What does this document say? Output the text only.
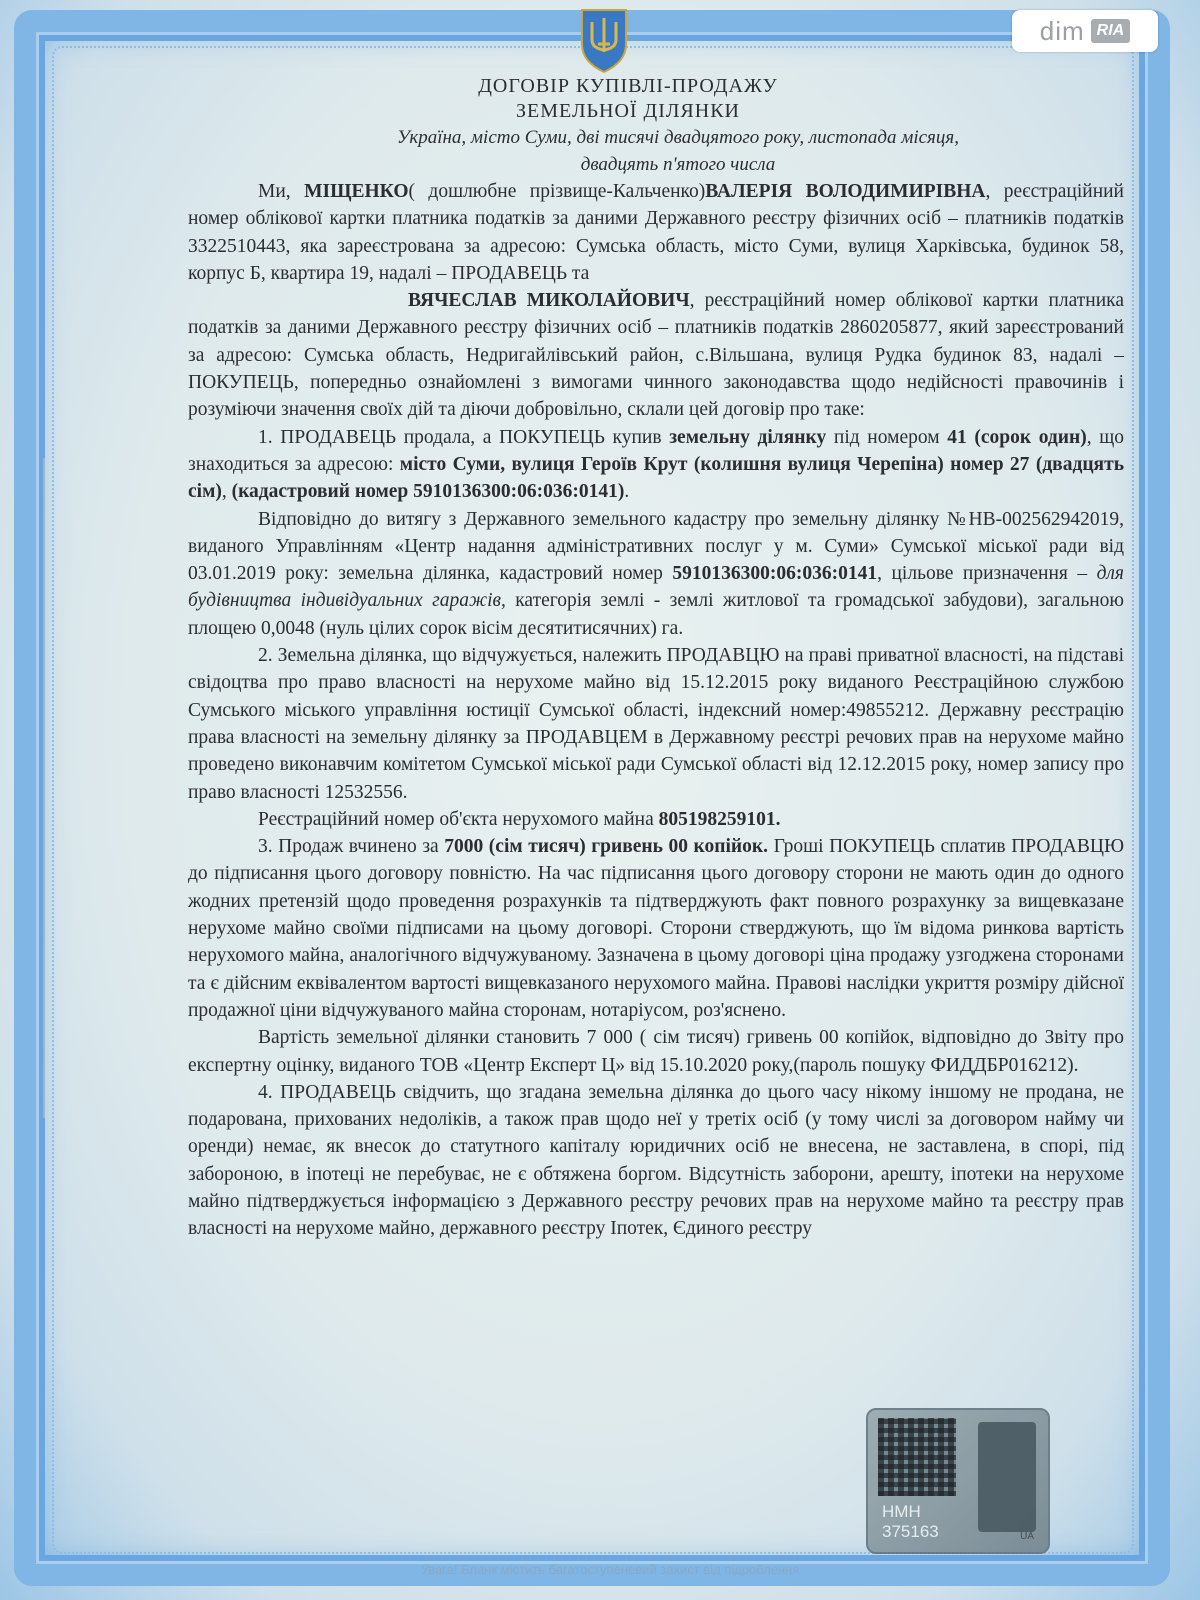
dim RIA
ДОГОВІР КУПІВЛІ-ПРОДАЖУ
ЗЕМЕЛЬНОЇ ДІЛЯНКИ
Україна, місто Суми, дві тисячі двадцятого року, листопада місяця,
двадцять п'ятого числа

Ми, МІЩЕНКО( дошлюбне прізвище-Кальченко)ВАЛЕРІЯ ВОЛОДИМИРІВНА, реєстраційний номер облікової картки платника податків за даними Державного реєстру фізичних осіб – платників податків 3322510443, яка зареєстрована за адресою: Сумська область, місто Суми, вулиця Харківська, будинок 58, корпус Б, квартира 19, надалі – ПРОДАВЕЦЬ та

ВЯЧЕСЛАВ МИКОЛАЙОВИЧ, реєстраційний номер облікової картки платника податків за даними Державного реєстру фізичних осіб – платників податків 2860205877, який зареєстрований за адресою: Сумська область, Недригайлівський район, с.Вільшана, вулиця Рудка будинок 83, надалі – ПОКУПЕЦЬ, попередньо ознайомлені з вимогами чинного законодавства щодо недійсності правочинів і розуміючи значення своїх дій та діючи добровільно, склали цей договір про таке:

1. ПРОДАВЕЦЬ продала, а ПОКУПЕЦЬ купив земельну ділянку під номером 41 (сорок один), що знаходиться за адресою: місто Суми, вулиця Героїв Крут (колишня вулиця Черепіна) номер 27 (двадцять сім), (кадастровий номер 5910136300:06:036:0141).

Відповідно до витягу з Державного земельного кадастру про земельну ділянку №НВ-002562942019, виданого Управлінням «Центр надання адміністративних послуг у м. Суми» Сумської міської ради від 03.01.2019 року: земельна ділянка, кадастровий номер 5910136300:06:036:0141, цільове призначення – для будівництва індивідуальних гаражів, категорія землі - землі житлової та громадської забудови), загальною площею 0,0048 (нуль цілих сорок вісім десятитисячних) га.

2. Земельна ділянка, що відчужується, належить ПРОДАВЦЮ на праві приватної власності, на підставі свідоцтва про право власності на нерухоме майно від 15.12.2015 року виданого Реєстраційною службою Сумського міського управління юстиції Сумської області, індексний номер:49855212. Державну реєстрацію права власності на земельну ділянку за ПРОДАВЦЕМ в Державному реєстрі речових прав на нерухоме майно проведено виконавчим комітетом Сумської міської ради Сумської області від 12.12.2015 року, номер запису про право власності 12532556.

Реєстраційний номер об'єкта нерухомого майна 805198259101.

3. Продаж вчинено за 7000 (сім тисяч) гривень 00 копійок. Гроші ПОКУПЕЦЬ сплатив ПРОДАВЦЮ до підписання цього договору повністю. На час підписання цього договору сторони не мають один до одного жодних претензій щодо проведення розрахунків та підтверджують факт повного розрахунку за вищевказане нерухоме майно своїми підписами на цьому договорі. Сторони стверджують, що їм відома ринкова вартість нерухомого майна, аналогічного відчужуваному. Зазначена в цьому договорі ціна продажу узгоджена сторонами та є дійсним еквівалентом вартості вищевказаного нерухомого майна. Правові наслідки укриття розміру дійсної продажної ціни відчужуваного майна сторонам, нотаріусом, роз'яснено.

Вартість земельної ділянки становить 7 000 ( сім тисяч) гривень 00 копійок, відповідно до Звіту про експертну оцінку, виданого ТОВ «Центр Експерт Ц» від 15.10.2020 року,(пароль пошуку ФИДДБР016212).

4. ПРОДАВЕЦЬ свідчить, що згадана земельна ділянка до цього часу нікому іншому не продана, не подарована, прихованих недоліків, а також прав щодо неї у третіх осіб (у тому числі за договором найму чи оренди) немає, як внесок до статутного капіталу юридичних осіб не внесена, не заставлена, в спорі, під забороною, в іпотеці не перебуває, не є обтяжена боргом. Відсутність заборони, арешту, іпотеки на нерухоме майно підтверджується інформацією з Державного реєстру речових прав на нерухоме майно та реєстру прав власності на нерухоме майно, державного реєстру Іпотек, Єдиного реєстру

НМН
375163	UA
Увага! Бланк містить багатоступеневий захист від підроблення
